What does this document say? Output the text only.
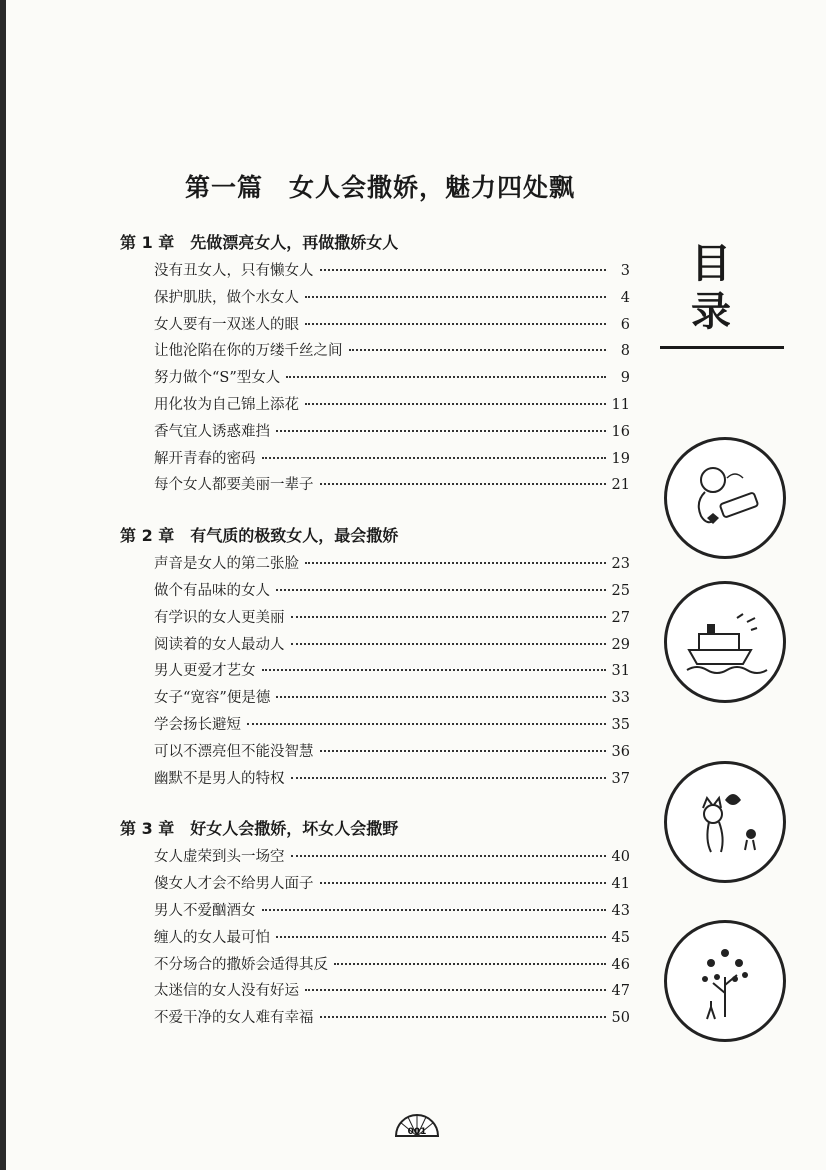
第一篇　女人会撒娇，魅力四处飘
第 1 章　先做漂亮女人，再做撒娇女人
没有丑女人，只有懒女人	3
保护肌肤，做个水女人	4
女人要有一双迷人的眼	6
让他沦陷在你的万缕千丝之间	8
努力做个“S”型女人	9
用化妆为自己锦上添花	11
香气宜人诱惑难挡	16
解开青春的密码	19
每个女人都要美丽一辈子	21
第 2 章　有气质的极致女人，最会撒娇
声音是女人的第二张脸	23
做个有品味的女人	25
有学识的女人更美丽	27
阅读着的女人最动人	29
男人更爱才艺女	31
女子“宽容”便是德	33
学会扬长避短	35
可以不漂亮但不能没智慧	36
幽默不是男人的特权	37
第 3 章　好女人会撒娇，坏女人会撒野
女人虚荣到头一场空	40
傻女人才会不给男人面子	41
男人不爱酗酒女	43
缠人的女人最可怕	45
不分场合的撒娇会适得其反	46
太迷信的女人没有好运	47
不爱干净的女人难有幸福	50
目
录
001
